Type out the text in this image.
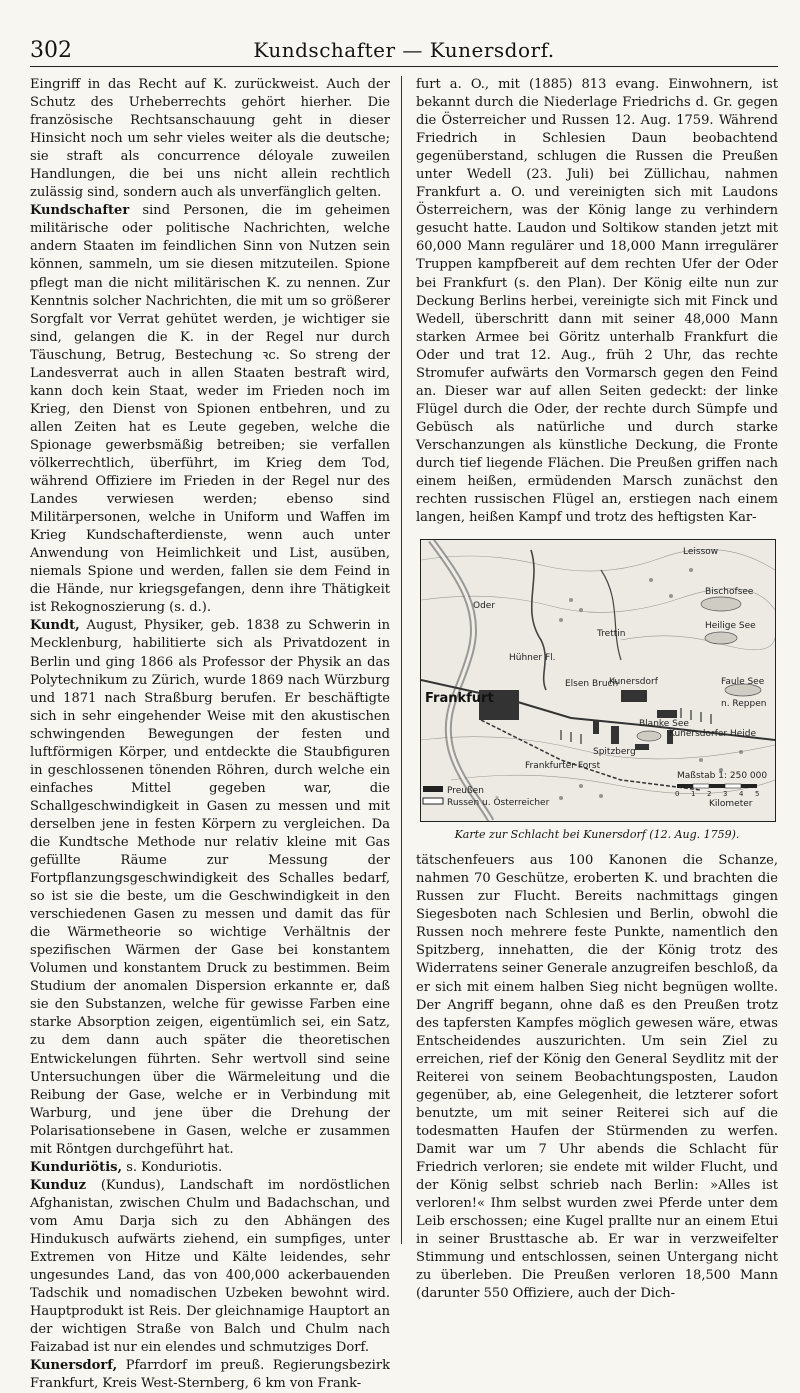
302	Kundschafter — Kunersdorf.

Eingriff in das Recht auf K. zurückweist. Auch der Schutz des Urheberrechts gehört hierher. Die französische Rechtsanschauung geht in dieser Hinsicht noch um sehr vieles weiter als die deutsche; sie straft als concurrence déloyale zuweilen Handlungen, die bei uns nicht allein rechtlich zulässig sind, sondern auch als unverfänglich gelten.

Kundschafter sind Personen, die im geheimen militärische oder politische Nachrichten, welche andern Staaten im feindlichen Sinn von Nutzen sein können, sammeln, um sie diesen mitzuteilen. Spione pflegt man die nicht militärischen K. zu nennen. Zur Kenntnis solcher Nachrichten, die mit um so größerer Sorgfalt vor Verrat gehütet werden, je wichtiger sie sind, gelangen die K. in der Regel nur durch Täuschung, Betrug, Bestechung ꝛc. So streng der Landesverrat auch in allen Staaten bestraft wird, kann doch kein Staat, weder im Frieden noch im Krieg, den Dienst von Spionen entbehren, und zu allen Zeiten hat es Leute gegeben, welche die Spionage gewerbsmäßig betreiben; sie verfallen völkerrechtlich, überführt, im Krieg dem Tod, während Offiziere im Frieden in der Regel nur des Landes verwiesen werden; ebenso sind Militärpersonen, welche in Uniform und Waffen im Krieg Kundschafterdienste, wenn auch unter Anwendung von Heimlichkeit und List, ausüben, niemals Spione und werden, fallen sie dem Feind in die Hände, nur kriegsgefangen, denn ihre Thätigkeit ist Rekognoszierung (s. d.).

Kundt, August, Physiker, geb. 1838 zu Schwerin in Mecklenburg, habilitierte sich als Privatdozent in Berlin und ging 1866 als Professor der Physik an das Polytechnikum zu Zürich, wurde 1869 nach Würzburg und 1871 nach Straßburg berufen. Er beschäftigte sich in sehr eingehender Weise mit den akustischen schwingenden Bewegungen der festen und luftförmigen Körper, und entdeckte die Staubfiguren in geschlossenen tönenden Röhren, durch welche ein einfaches Mittel gegeben war, die Schallgeschwindigkeit in Gasen zu messen und mit derselben jene in festen Körpern zu vergleichen. Da die Kundtsche Methode nur relativ kleine mit Gas gefüllte Räume zur Messung der Fortpflanzungsgeschwindigkeit des Schalles bedarf, so ist sie die beste, um die Geschwindigkeit in den verschiedenen Gasen zu messen und damit das für die Wärmetheorie so wichtige Verhältnis der spezifischen Wärmen der Gase bei konstantem Volumen und konstantem Druck zu bestimmen. Beim Studium der anomalen Dispersion erkannte er, daß sie den Substanzen, welche für gewisse Farben eine starke Absorption zeigen, eigentümlich sei, ein Satz, zu dem dann auch später die theoretischen Entwickelungen führten. Sehr wertvoll sind seine Untersuchungen über die Wärmeleitung und die Reibung der Gase, welche er in Verbindung mit Warburg, und jene über die Drehung der Polarisationsebene in Gasen, welche er zusammen mit Röntgen durchgeführt hat.

Kunduriötis, s. Konduriotis.

Kunduz (Kundus), Landschaft im nordöstlichen Afghanistan, zwischen Chulm und Badachschan, und vom Amu Darja sich zu den Abhängen des Hindukusch aufwärts ziehend, ein sumpfiges, unter Extremen von Hitze und Kälte leidendes, sehr ungesundes Land, das von 400,000 ackerbauenden Tadschik und nomadischen Uzbeken bewohnt wird. Hauptprodukt ist Reis. Der gleichnamige Hauptort an der wichtigen Straße von Balch und Chulm nach Faizabad ist nur ein elendes und schmutziges Dorf.

Kunersdorf, Pfarrdorf im preuß. Regierungsbezirk Frankfurt, Kreis West-Sternberg, 6 km von Frank-

furt a. O., mit (1885) 813 evang. Einwohnern, ist bekannt durch die Niederlage Friedrichs d. Gr. gegen die Österreicher und Russen 12. Aug. 1759. Während Friedrich in Schlesien Daun beobachtend gegenüberstand, schlugen die Russen die Preußen unter Wedell (23. Juli) bei Züllichau, nahmen Frankfurt a. O. und vereinigten sich mit Laudons Österreichern, was der König lange zu verhindern gesucht hatte. Laudon und Soltikow standen jetzt mit 60,000 Mann regulärer und 18,000 Mann irregulärer Truppen kampfbereit auf dem rechten Ufer der Oder bei Frankfurt (s. den Plan). Der König eilte nun zur Deckung Berlins herbei, vereinigte sich mit Finck und Wedell, überschritt dann mit seiner 48,000 Mann starken Armee bei Göritz unterhalb Frankfurt die Oder und trat 12. Aug., früh 2 Uhr, das rechte Stromufer aufwärts den Vormarsch gegen den Feind an. Dieser war auf allen Seiten gedeckt: der linke Flügel durch die Oder, der rechte durch Sümpfe und Gebüsch als natürliche und durch starke Verschanzungen als künstliche Deckung, die Fronte durch tief liegende Flächen. Die Preußen griffen nach einem heißen, ermüdenden Marsch zunächst den rechten russischen Flügel an, erstiegen nach einem langen, heißen Kampf und trotz des heftigsten Kar-

Leissow
Bischofsee
Heilige See
Trettin
Oder
Hühner Fl.
Elsen Bruch
Kunersdorf
Frankfurt
Faule See
n. Reppen
Blanke See
Spitzberg
Kunersdorfer Heide
Frankfurter Forst
Preußen
Russen u. Österreicher
Maßstab 1: 250 000
0 1 2 3 4 5
Kilometer
Karte zur Schlacht bei Kunersdorf (12. Aug. 1759).

tätschenfeuers aus 100 Kanonen die Schanze, nahmen 70 Geschütze, eroberten K. und brachten die Russen zur Flucht. Bereits nachmittags gingen Siegesboten nach Schlesien und Berlin, obwohl die Russen noch mehrere feste Punkte, namentlich den Spitzberg, innehatten, die der König trotz des Widerratens seiner Generale anzugreifen beschloß, da er sich mit einem halben Sieg nicht begnügen wollte. Der Angriff begann, ohne daß es den Preußen trotz des tapfersten Kampfes möglich gewesen wäre, etwas Entscheidendes auszurichten. Um sein Ziel zu erreichen, rief der König den General Seydlitz mit der Reiterei von seinem Beobachtungsposten, Laudon gegenüber, ab, eine Gelegenheit, die letzterer sofort benutzte, um mit seiner Reiterei sich auf die todesmatten Haufen der Stürmenden zu werfen. Damit war um 7 Uhr abends die Schlacht für Friedrich verloren; sie endete mit wilder Flucht, und der König selbst schrieb nach Berlin: »Alles ist verloren!« Ihm selbst wurden zwei Pferde unter dem Leib erschossen; eine Kugel prallte nur an einem Etui in seiner Brusttasche ab. Er war in verzweifelter Stimmung und entschlossen, seinen Untergang nicht zu überleben. Die Preußen verloren 18,500 Mann (darunter 550 Offiziere, auch der Dich-
